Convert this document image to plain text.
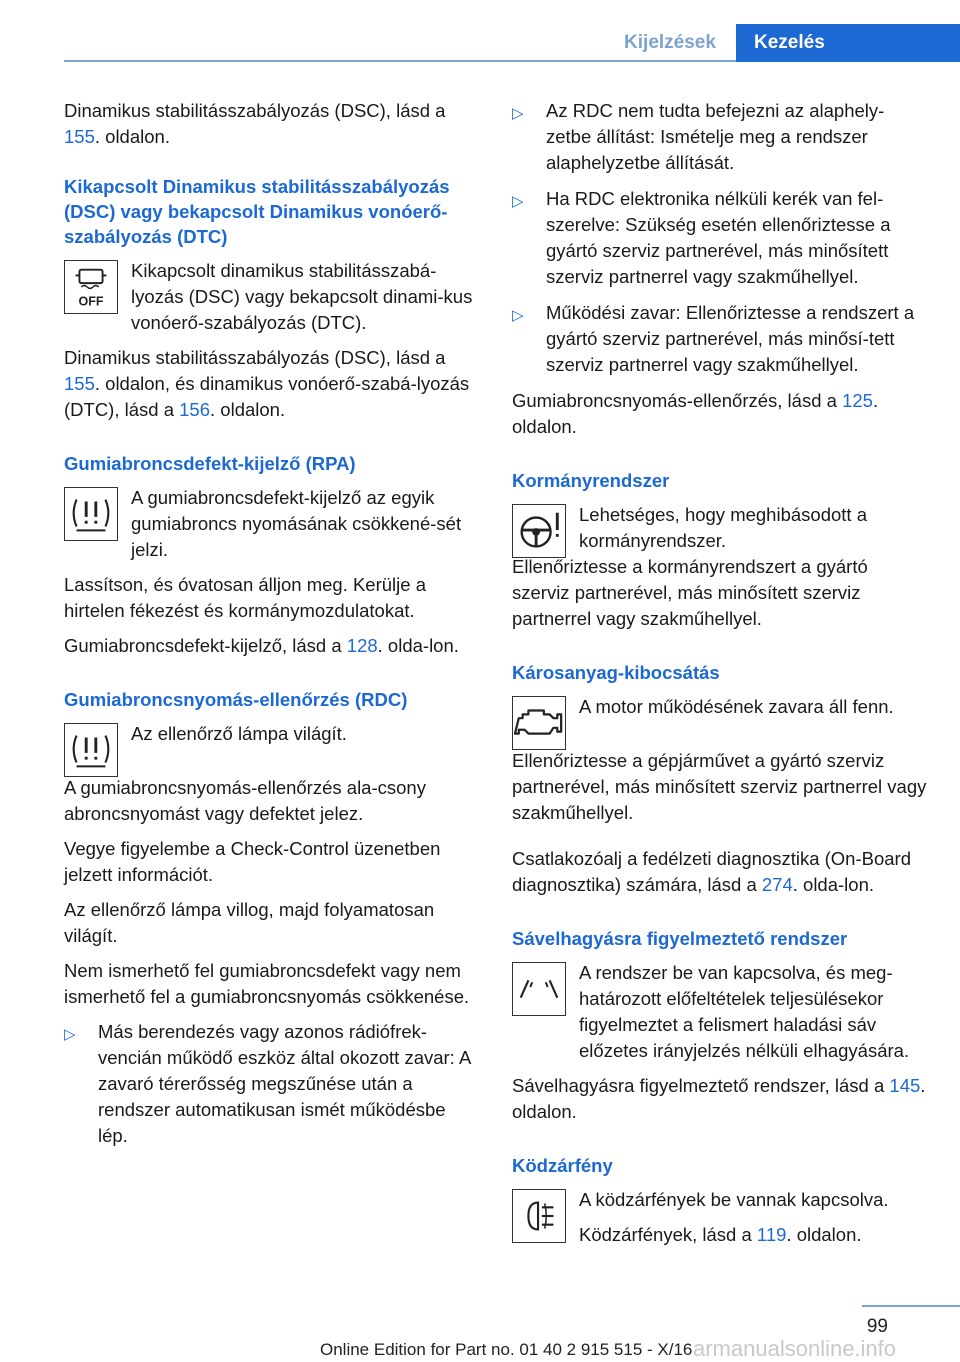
Kijelzések	Kezelés

Dinamikus stabilitásszabályozás (DSC), lásd a 155. oldalon.

Kikapcsolt Dinamikus stabilitásszabályozás (DSC) vagy bekapcsolt Dinamikus vonóerő‐szabályozás (DTC)
OFF

Kikapcsolt dinamikus stabilitásszabá‐lyozás (DSC) vagy bekapcsolt dinami‐kus vonóerő‐szabályozás (DTC).

Dinamikus stabilitásszabályozás (DSC), lásd a 155. oldalon, és dinamikus vonóerő‐szabá‐lyozás (DTC), lásd a 156. oldalon.

Gumiabroncsdefekt-kijelző (RPA)

A gumiabroncsdefekt-kijelző az egyik gumiabroncs nyomásának csökkené‐sét jelzi.

Lassítson, és óvatosan álljon meg. Kerülje a hirtelen fékezést és kormánymozdulatokat.

Gumiabroncsdefekt-kijelző, lásd a 128. olda‐lon.

Gumiabroncsnyomás-ellenőrzés (RDC)

Az ellenőrző lámpa világít.

A gumiabroncsnyomás-ellenőrzés ala‐csony abroncsnyomást vagy defektet jelez.

Vegye figyelembe a Check-Control üzenetben jelzett információt.

Az ellenőrző lámpa villog, majd folyamatosan világít.

Nem ismerhető fel gumiabroncsdefekt vagy nem ismerhető fel a gumiabroncsnyomás csökkenése.

▷ Más berendezés vagy azonos rádiófrek‐vencián működő eszköz által okozott zavar: A zavaró térerősség megszűnése után a rendszer automatikusan ismét működésbe lép.
▷ Az RDC nem tudta befejezni az alaphely‐zetbe állítást: Ismételje meg a rendszer alaphelyzetbe állítását.
▷ Ha RDC elektronika nélküli kerék van fel‐szerelve: Szükség esetén ellenőriztesse a gyártó szerviz partnerével, más minősített szerviz partnerrel vagy szakműhellyel.
▷ Működési zavar: Ellenőriztesse a rendszert a gyártó szerviz partnerével, más minősí‐tett szerviz partnerrel vagy szakműhellyel.

Gumiabroncsnyomás-ellenőrzés, lásd a 125. oldalon.

Kormányrendszer

Lehetséges, hogy meghibásodott a kormányrendszer.

Ellenőriztesse a kormányrendszert a gyártó szerviz partnerével, más minősített szerviz partnerrel vagy szakműhellyel.

Károsanyag-kibocsátás

A motor működésének zavara áll fenn.

Ellenőriztesse a gépjárművet a gyártó szerviz partnerével, más minősített szerviz partnerrel vagy szakműhellyel.

Csatlakozóalj a fedélzeti diagnosztika (On-Board diagnosztika) számára, lásd a 274. olda‐lon.

Sávelhagyásra figyelmeztető rendszer

A rendszer be van kapcsolva, és meg‐határozott előfeltételek teljesülésekor figyelmeztet a felismert haladási sáv előzetes irányjelzés nélküli elhagyására.

Sávelhagyásra figyelmeztető rendszer, lásd a 145. oldalon.

Ködzárfény

A ködzárfények be vannak kapcsolva.

Ködzárfények, lásd a 119. oldalon.

99
armanualsonline.info
Online Edition for Part no. 01 40 2 915 515 - X/16
